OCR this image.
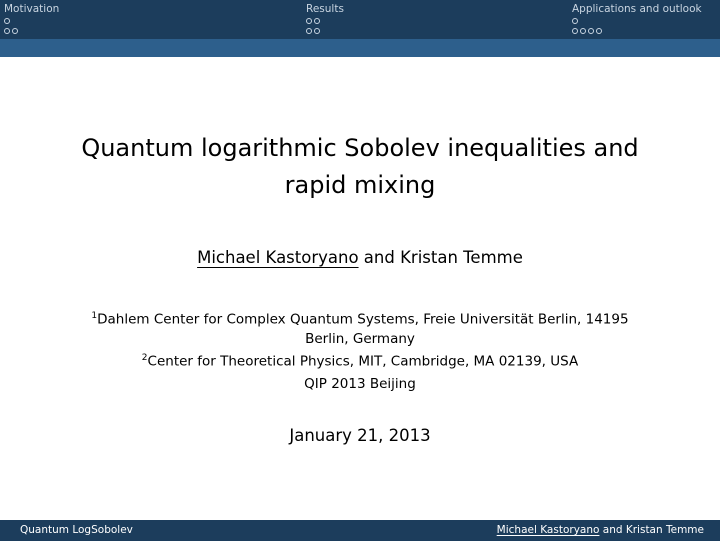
Motivation	Results	Applications and outlook
Quantum logarithmic Sobolev inequalities and
rapid mixing
Michael Kastoryano and Kristan Temme
$^1$Dahlem Center for Complex Quantum Systems, Freie Universität Berlin, 14195
Berlin, Germany
$^2$Center for Theoretical Physics, MIT, Cambridge, MA 02139, USA
QIP 2013 Beijing
January 21, 2013
Quantum LogSobolev	Michael Kastoryano and Kristan Temme
